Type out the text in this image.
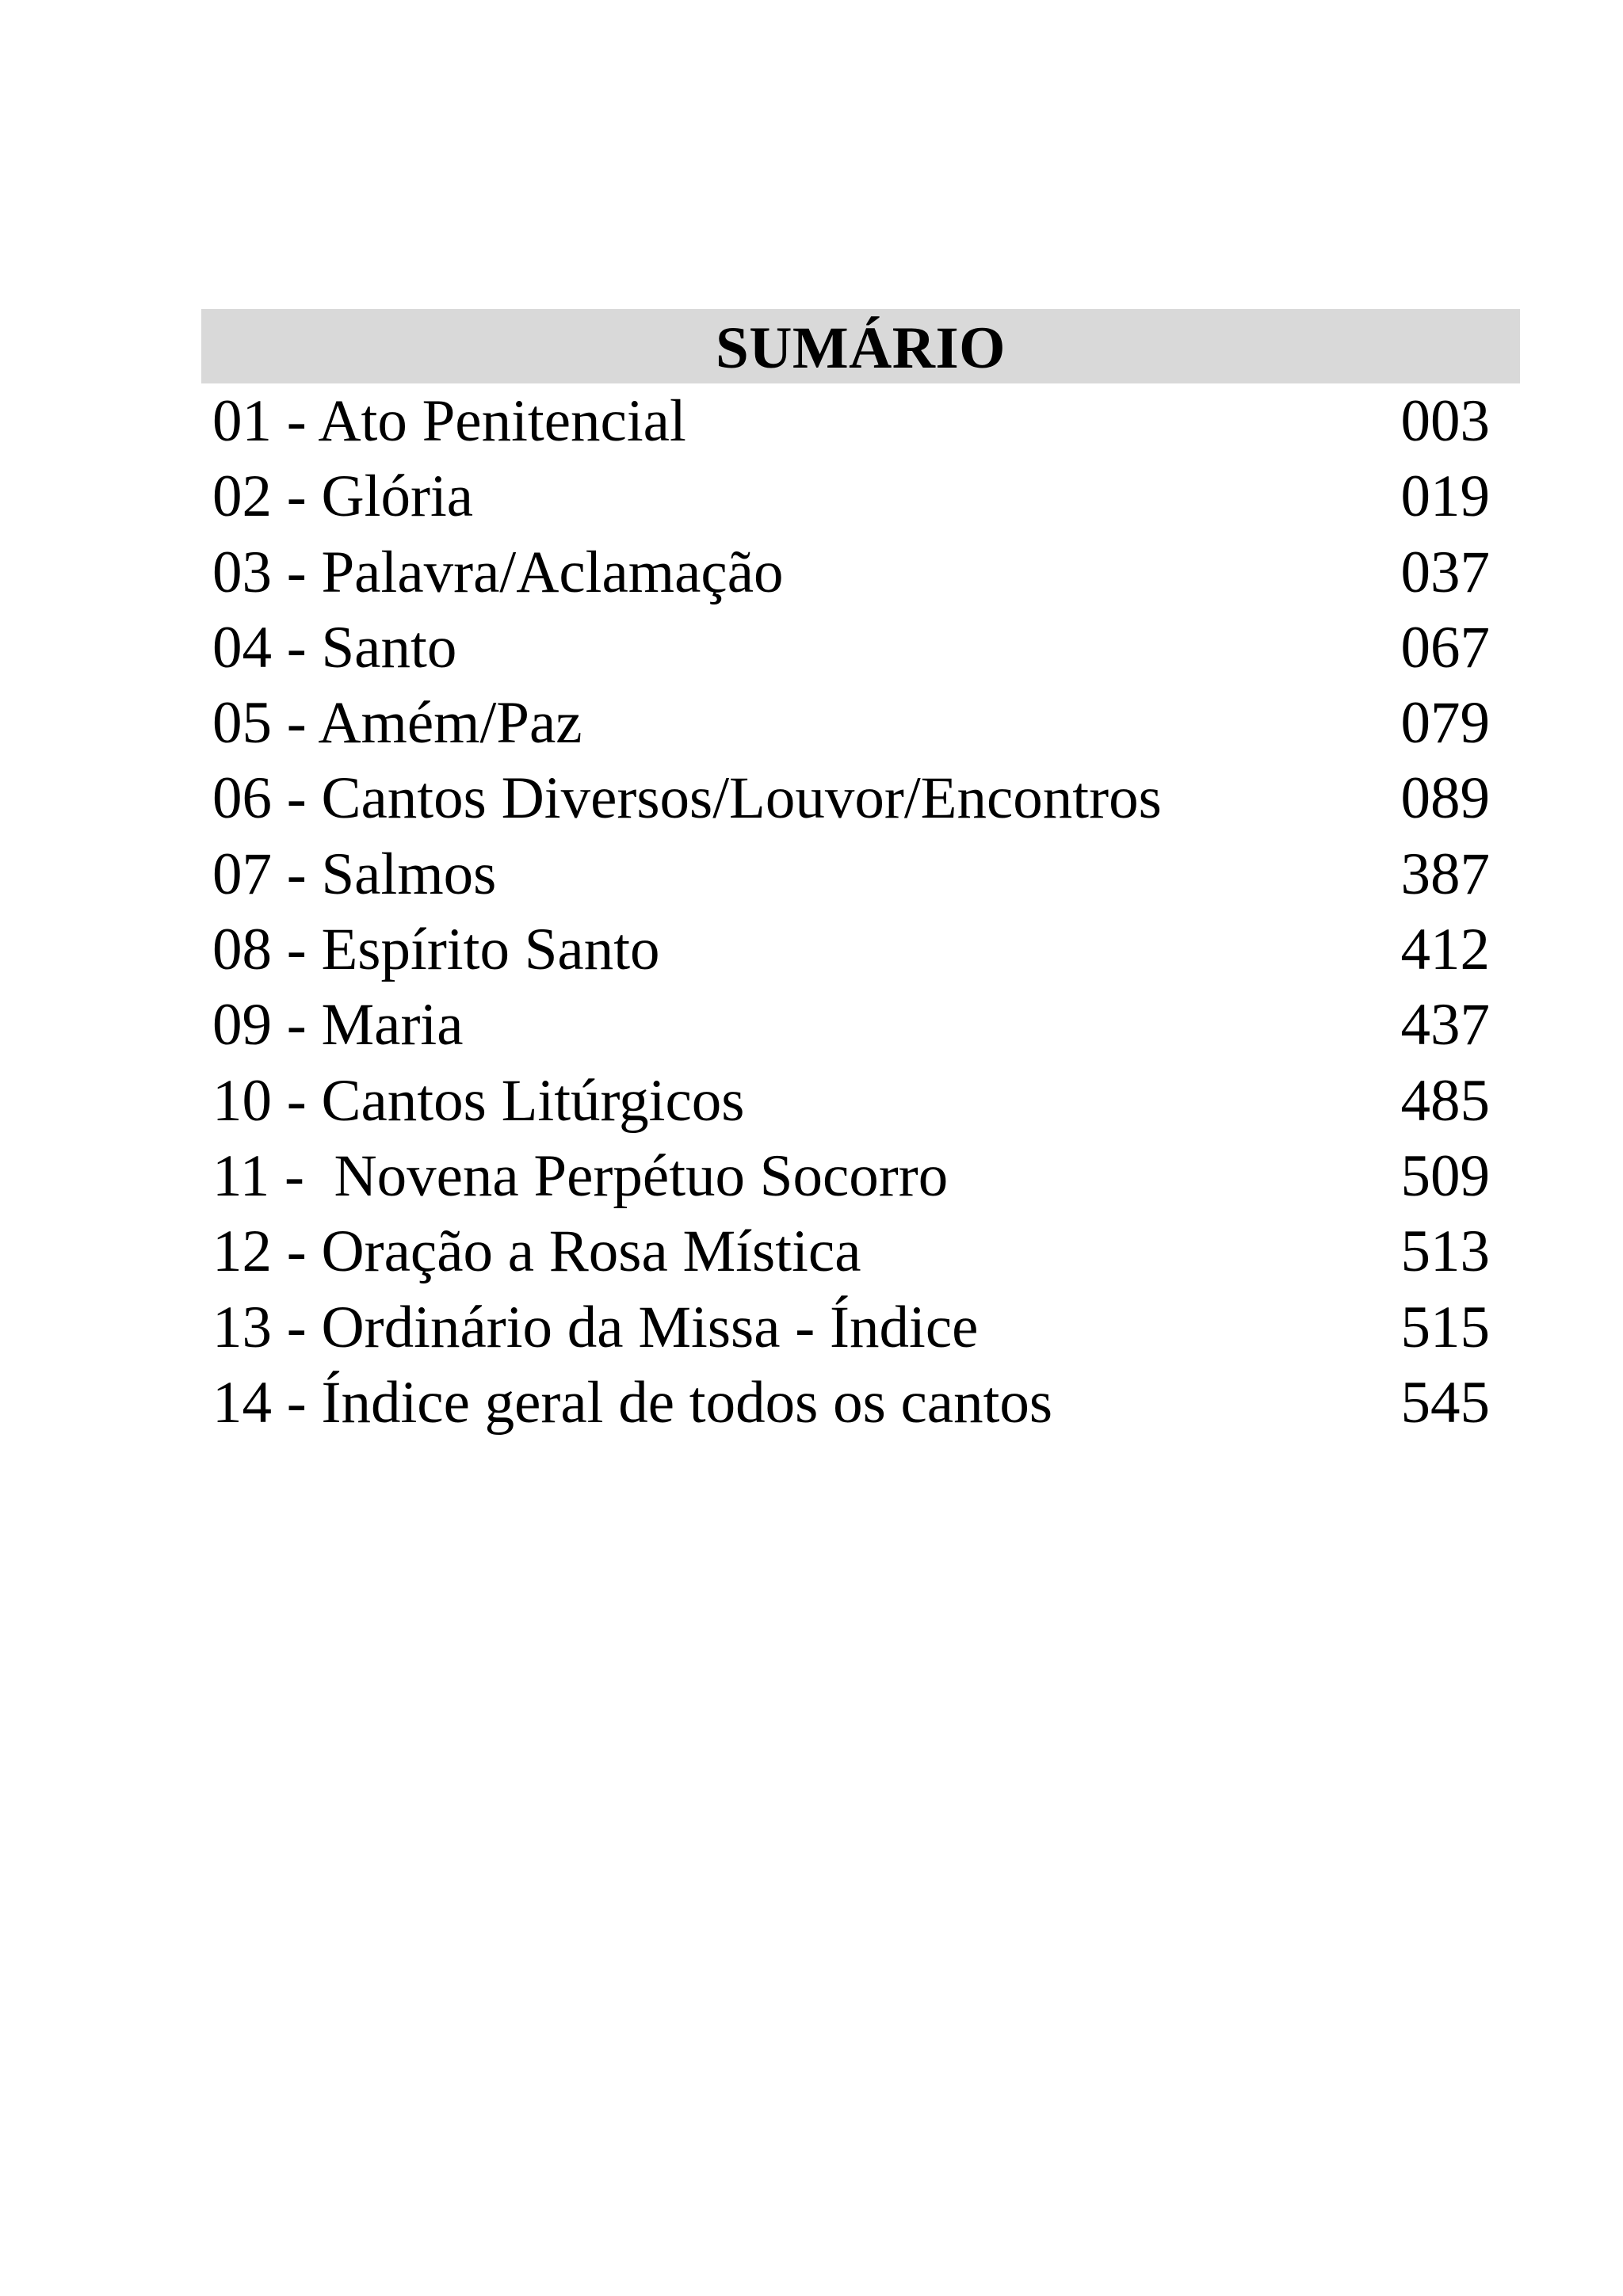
SUMÁRIO
01 - Ato Penitencial	003
02 - Glória	019
03 - Palavra/Aclamação	037
04 - Santo	067
05 - Amém/Paz	079
06 - Cantos Diversos/Louvor/Encontros	089
07 - Salmos	387
08 - Espírito Santo	412
09 - Maria	437
10 - Cantos Litúrgicos	485
11 -  Novena Perpétuo Socorro	509
12 - Oração a Rosa Mística	513
13 - Ordinário da Missa - Índice	515
14 - Índice geral de todos os cantos	545
